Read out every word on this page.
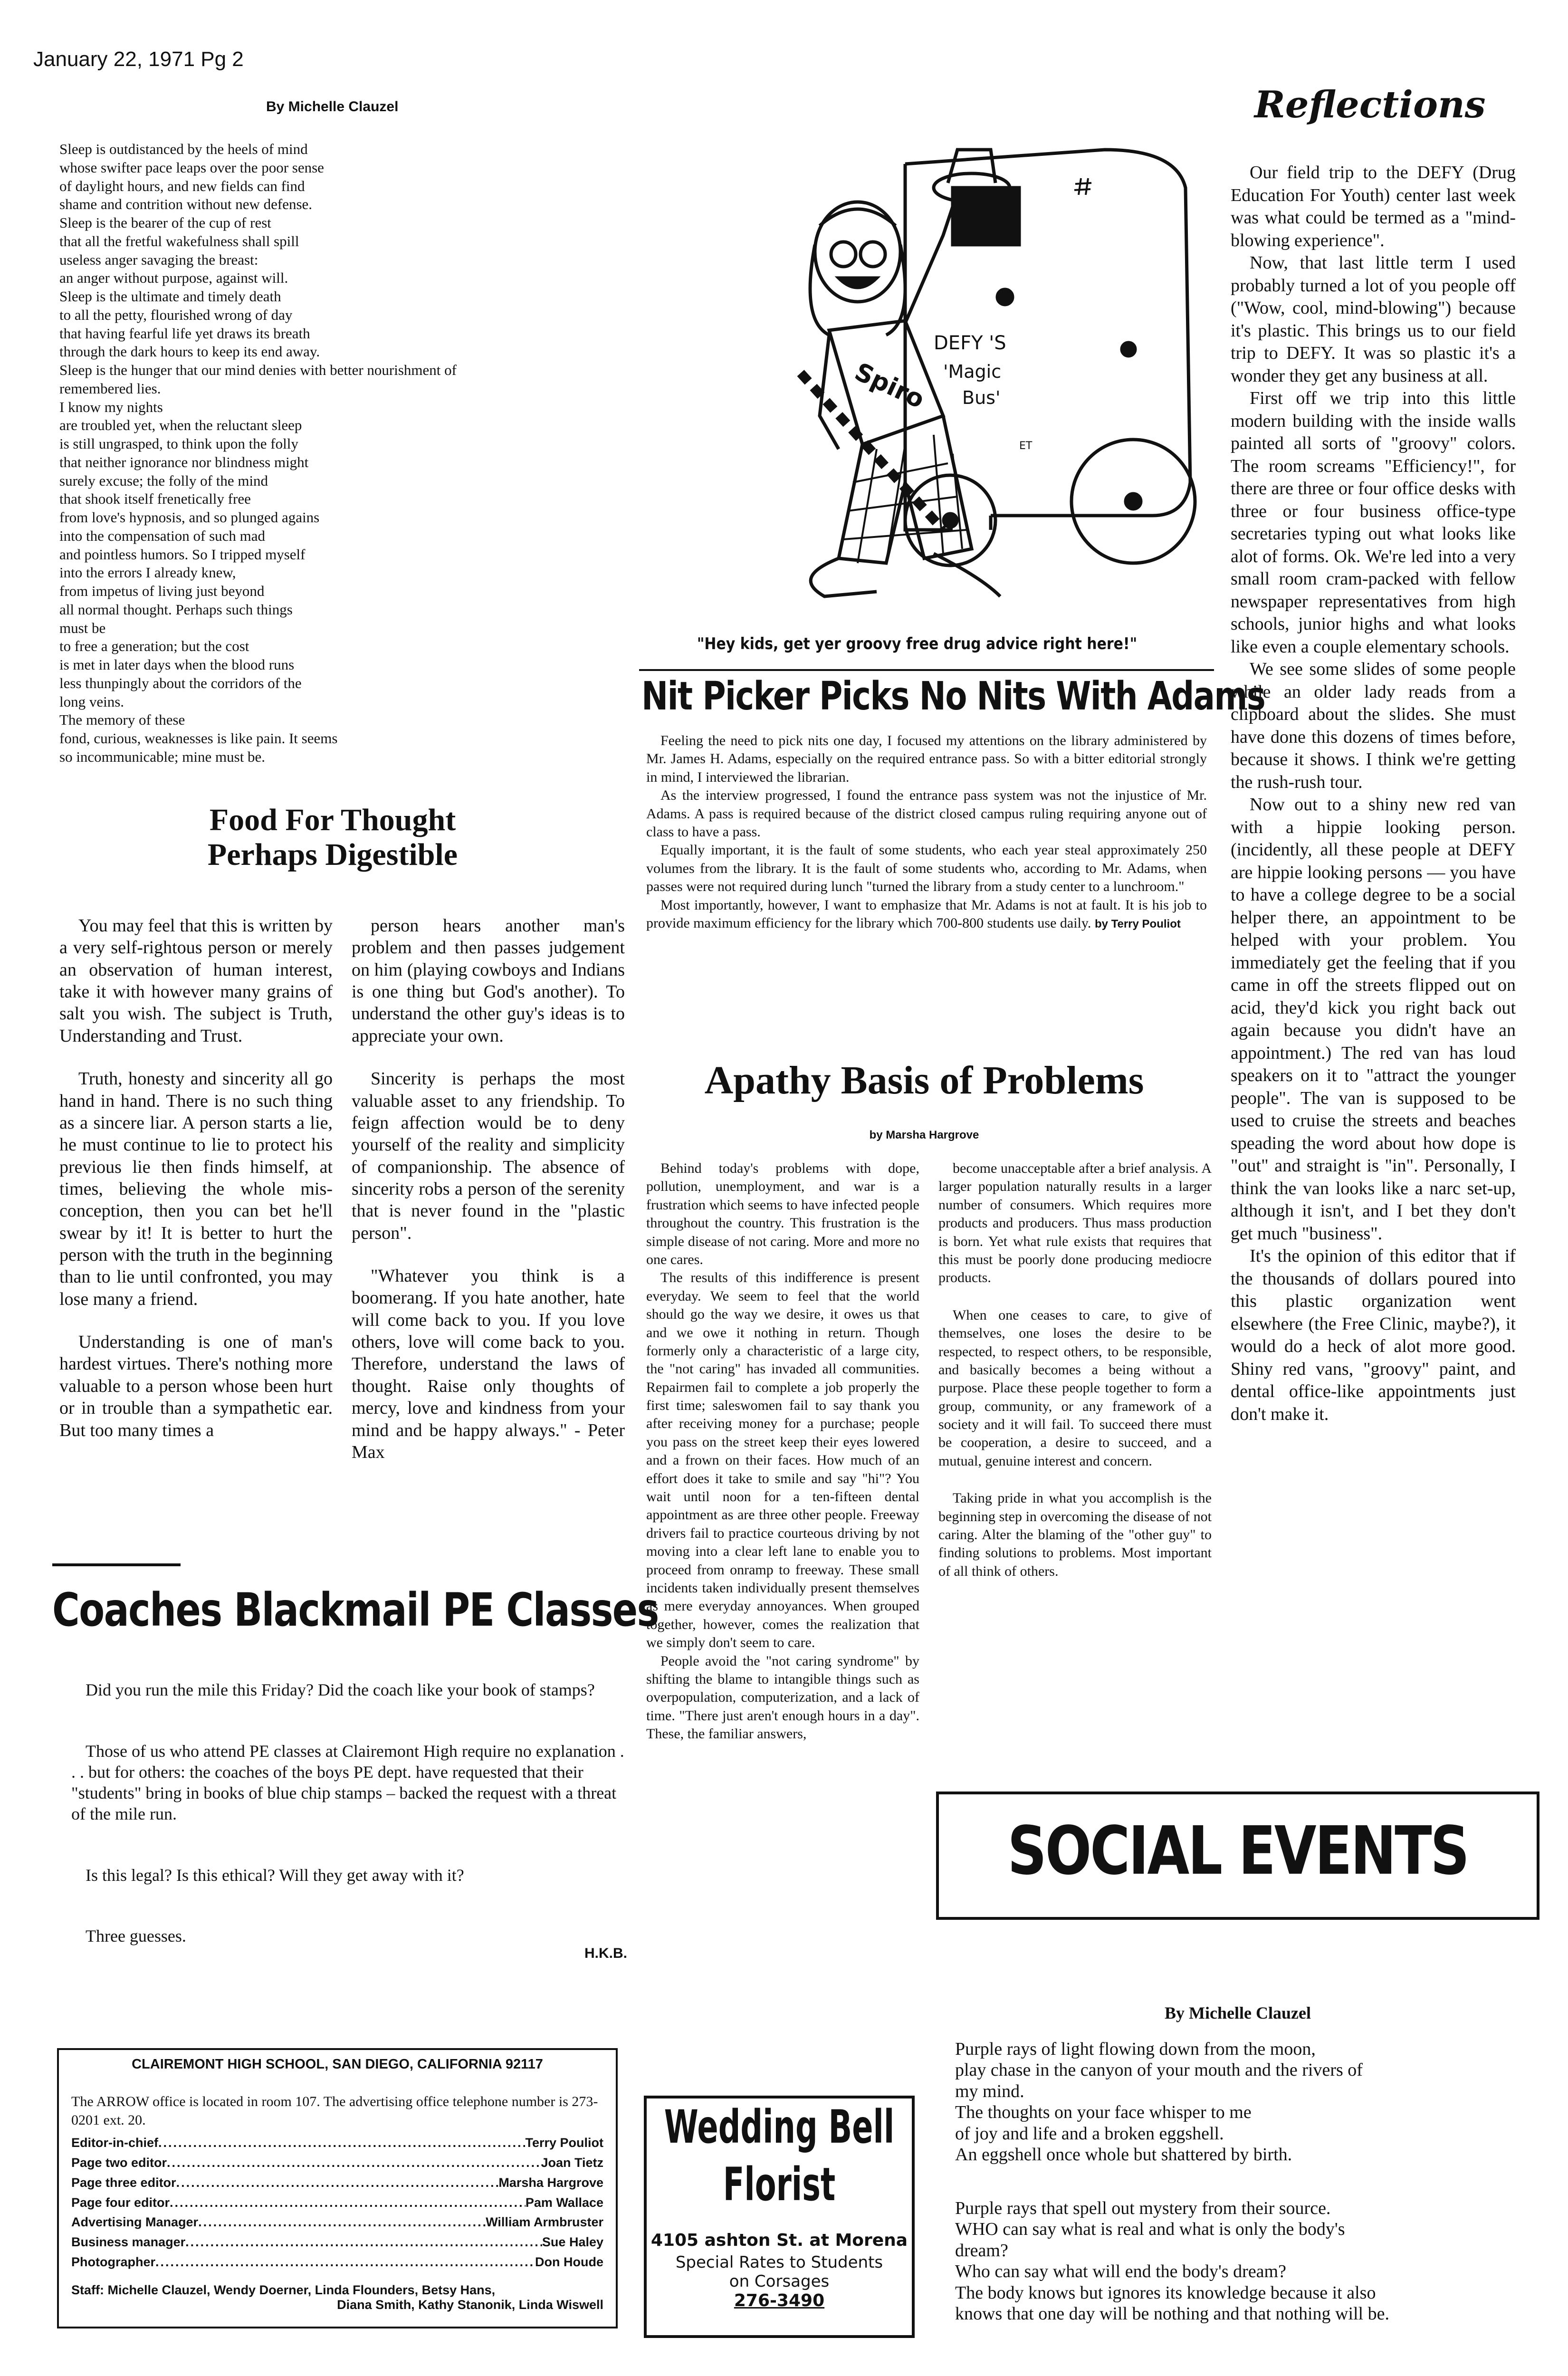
January 22, 1971 Pg 2
By Michelle Clauzel
Sleep is outdistanced by the heels of mind
whose swifter pace leaps over the poor sense
of daylight hours, and new fields can find
shame and contrition without new defense.
Sleep is the bearer of the cup of rest
that all the fretful wakefulness shall spill
useless anger savaging the breast:
an anger without purpose, against will.
Sleep is the ultimate and timely death
to all the petty, flourished wrong of day
that having fearful life yet draws its breath
through the dark hours to keep its end away.
Sleep is the hunger that our mind denies with better nourishment of
remembered lies.
I know my nights
are troubled yet, when the reluctant sleep
is still ungrasped, to think upon the folly
that neither ignorance nor blindness might
surely excuse; the folly of the mind
that shook itself frenetically free
from love's hypnosis, and so plunged agains
into the compensation of such mad
and pointless humors. So I tripped myself
into the errors I already knew,
from impetus of living just beyond
all normal thought. Perhaps such things
must be
to free a generation; but the cost
is met in later days when the blood runs
less thunpingly about the corridors of the
long veins.
The memory of these
fond, curious, weaknesses is like pain. It seems
so incommunicable; mine must be.
Food For Thought
Perhaps Digestible

You may feel that this is written by a very self-rightous person or merely an observation of human interest, take it with however many grains of salt you wish. The subject is Truth, Understanding and Trust.

Truth, honesty and sincerity all go hand in hand. There is no such thing as a sincere liar. A person starts a lie, he must continue to lie to protect his previous lie then finds himself, at times, believing the whole mis-conception, then you can bet he'll swear by it! It is better to hurt the person with the truth in the beginning than to lie until confronted, you may lose many a friend.

Understanding is one of man's hardest virtues. There's nothing more valuable to a person whose been hurt or in trouble than a sympathetic ear. But too many times a

person hears another man's problem and then passes judgement on him (playing cowboys and Indians is one thing but God's another). To understand the other guy's ideas is to appreciate your own.

Sincerity is perhaps the most valuable asset to any friendship. To feign affection would be to deny yourself of the reality and simplicity of companionship. The absence of sincerity robs a person of the serenity that is never found in the "plastic person".

"Whatever you think is a boomerang. If you hate another, hate will come back to you. If you love others, love will come back to you. Therefore, understand the laws of thought. Raise only thoughts of mercy, love and kindness from your mind and be happy always." - Peter Max

Coaches Blackmail PE Classes

Did you run the mile this Friday? Did the coach like your book of stamps?

Those of us who attend PE classes at Clairemont High require no explanation . . . but for others: the coaches of the boys PE dept. have requested that their "students" bring in books of blue chip stamps – backed the request with a threat of the mile run.

Is this legal? Is this ethical? Will they get away with it?

Three guesses.

H.K.B.
CLAIREMONT HIGH SCHOOL, SAN DIEGO, CALIFORNIA 92117
The ARROW office is located in room 107. The advertising office telephone number is 273-0201 ext. 20.
Editor-in-chief .....	Terry Pouliot
Page two editor .....	Joan Tietz
Page three editor .....	Marsha Hargrove
Page four editor .....	Pam Wallace
Advertising Manager .....	William Armbruster
Business manager .....	Sue Haley
Photographer .....	Don Houde
Staff: Michelle Clauzel, Wendy Doerner, Linda Flounders, Betsy Hans,
Diana Smith, Kathy Stanonik, Linda Wiswell
ET
DEFY 'S
'Magic
Bus'
Spiro
"Hey kids, get yer groovy free drug advice right here!"
Nit Picker Picks No Nits With Adams

Feeling the need to pick nits one day, I focused my attentions on the library administered by Mr. James H. Adams, especially on the required entrance pass. So with a bitter editorial strongly in mind, I interviewed the librarian.

As the interview progressed, I found the entrance pass system was not the injustice of Mr. Adams. A pass is required because of the district closed campus ruling requiring anyone out of class to have a pass.

Equally important, it is the fault of some students, who each year steal approximately 250 volumes from the library. It is the fault of some students who, according to Mr. Adams, when passes were not required during lunch "turned the library from a study center to a lunchroom."

Most importantly, however, I want to emphasize that Mr. Adams is not at fault. It is his job to provide maximum efficiency for the library which 700-800 students use daily. by Terry Pouliot

Apathy Basis of Problems
by Marsha Hargrove

Behind today's problems with dope, pollution, unemployment, and war is a frustration which seems to have infected people throughout the country. This frustration is the simple disease of not caring. More and more no one cares.

The results of this indifference is present everyday. We seem to feel that the world should go the way we desire, it owes us that and we owe it nothing in return. Though formerly only a characteristic of a large city, the "not caring" has invaded all communities. Repairmen fail to complete a job properly the first time; saleswomen fail to say thank you after receiving money for a purchase; people you pass on the street keep their eyes lowered and a frown on their faces. How much of an effort does it take to smile and say "hi"? You wait until noon for a ten-fifteen dental appointment as are three other people. Freeway drivers fail to practice courteous driving by not moving into a clear left lane to enable you to proceed from onramp to freeway. These small incidents taken individually present themselves as mere everyday annoyances. When grouped together, however, comes the realization that we simply don't seem to care.

People avoid the "not caring syndrome" by shifting the blame to intangible things such as overpopulation, computerization, and a lack of time. "There just aren't enough hours in a day". These, the familiar answers,

become unacceptable after a brief analysis. A larger population naturally results in a larger number of consumers. Which requires more products and producers. Thus mass production is born. Yet what rule exists that requires that this must be poorly done producing mediocre products.

When one ceases to care, to give of themselves, one loses the desire to be respected, to respect others, to be responsible, and basically becomes a being without a purpose. Place these people together to form a group, community, or any framework of a society and it will fail. To succeed there must be cooperation, a desire to succeed, and a mutual, genuine interest and concern.

Taking pride in what you accomplish is the beginning step in overcoming the disease of not caring. Alter the blaming of the "other guy" to finding solutions to problems. Most important of all think of others.

Wedding Bell
Florist
4105 ashton St. at Morena
Special Rates to Students
on Corsages
276-3490
Reflections

Our field trip to the DEFY (Drug Education For Youth) center last week was what could be termed as a "mind-blowing experience".

Now, that last little term I used probably turned a lot of you people off ("Wow, cool, mind-blowing") because it's plastic. This brings us to our field trip to DEFY. It was so plastic it's a wonder they get any business at all.

First off we trip into this little modern building with the inside walls painted all sorts of "groovy" colors. The room screams "Efficiency!", for there are three or four office desks with three or four business office-type secretaries typing out what looks like alot of forms. Ok. We're led into a very small room cram-packed with fellow newspaper representatives from high schools, junior highs and what looks like even a couple elementary schools.

We see some slides of some people while an older lady reads from a clipboard about the slides. She must have done this dozens of times before, because it shows. I think we're getting the rush-rush tour.

Now out to a shiny new red van with a hippie looking person. (incidently, all these people at DEFY are hippie looking persons — you have to have a college degree to be a social helper there, an appointment to be helped with your problem. You immediately get the feeling that if you came in off the streets flipped out on acid, they'd kick you right back out again because you didn't have an appointment.) The red van has loud speakers on it to "attract the younger people". The van is supposed to be used to cruise the streets and beaches speading the word about how dope is "out" and straight is "in". Personally, I think the van looks like a narc set-up, although it isn't, and I bet they don't get much "business".

It's the opinion of this editor that if the thousands of dollars poured into this plastic organization went elsewhere (the Free Clinic, maybe?), it would do a heck of alot more good. Shiny red vans, "groovy" paint, and dental office-like appointments just don't make it.

SOCIAL EVENTS
By Michelle Clauzel
Purple rays of light flowing down from the moon,
play chase in the canyon of your mouth and the rivers of
my mind.
The thoughts on your face whisper to me
of joy and life and a broken eggshell.
An eggshell once whole but shattered by birth.
Purple rays that spell out mystery from their source.
WHO can say what is real and what is only the body's
dream?
Who can say what will end the body's dream?
The body knows but ignores its knowledge because it also
knows that one day will be nothing and that nothing will be.
